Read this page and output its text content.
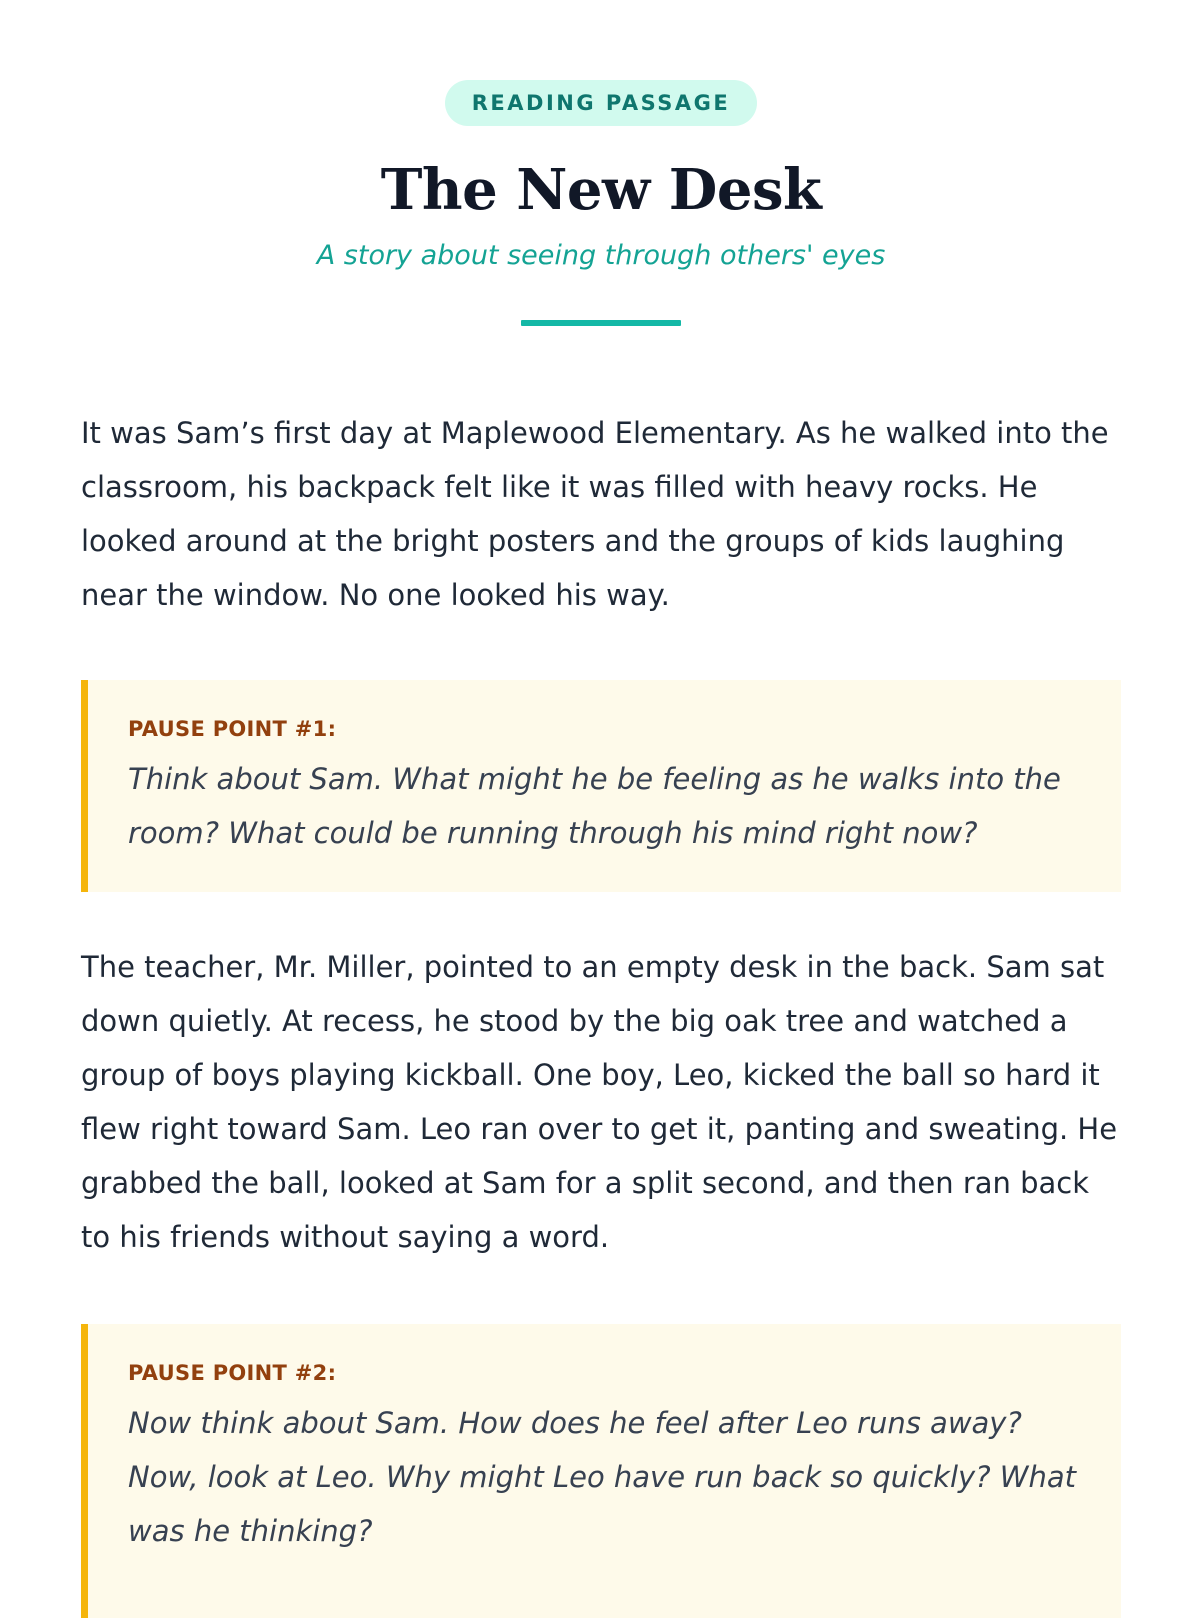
READING PASSAGE
The New Desk

A story about seeing through others' eyes

It was Sam’s first day at Maplewood Elementary. As he walked into the classroom, his backpack felt like it was filled with heavy rocks. He looked around at the bright posters and the groups of kids laughing near the window. No one looked his way.

PAUSE POINT #1:
Think about Sam. What might he be feeling as he walks into the room? What could be running through his mind right now?

The teacher, Mr. Miller, pointed to an empty desk in the back. Sam sat down quietly. At recess, he stood by the big oak tree and watched a group of boys playing kickball. One boy, Leo, kicked the ball so hard it flew right toward Sam. Leo ran over to get it, panting and sweating. He grabbed the ball, looked at Sam for a split second, and then ran back to his friends without saying a word.

PAUSE POINT #2:
Now think about Sam. How does he feel after Leo runs away? Now, look at Leo. Why might Leo have run back so quickly? What was he thinking?
